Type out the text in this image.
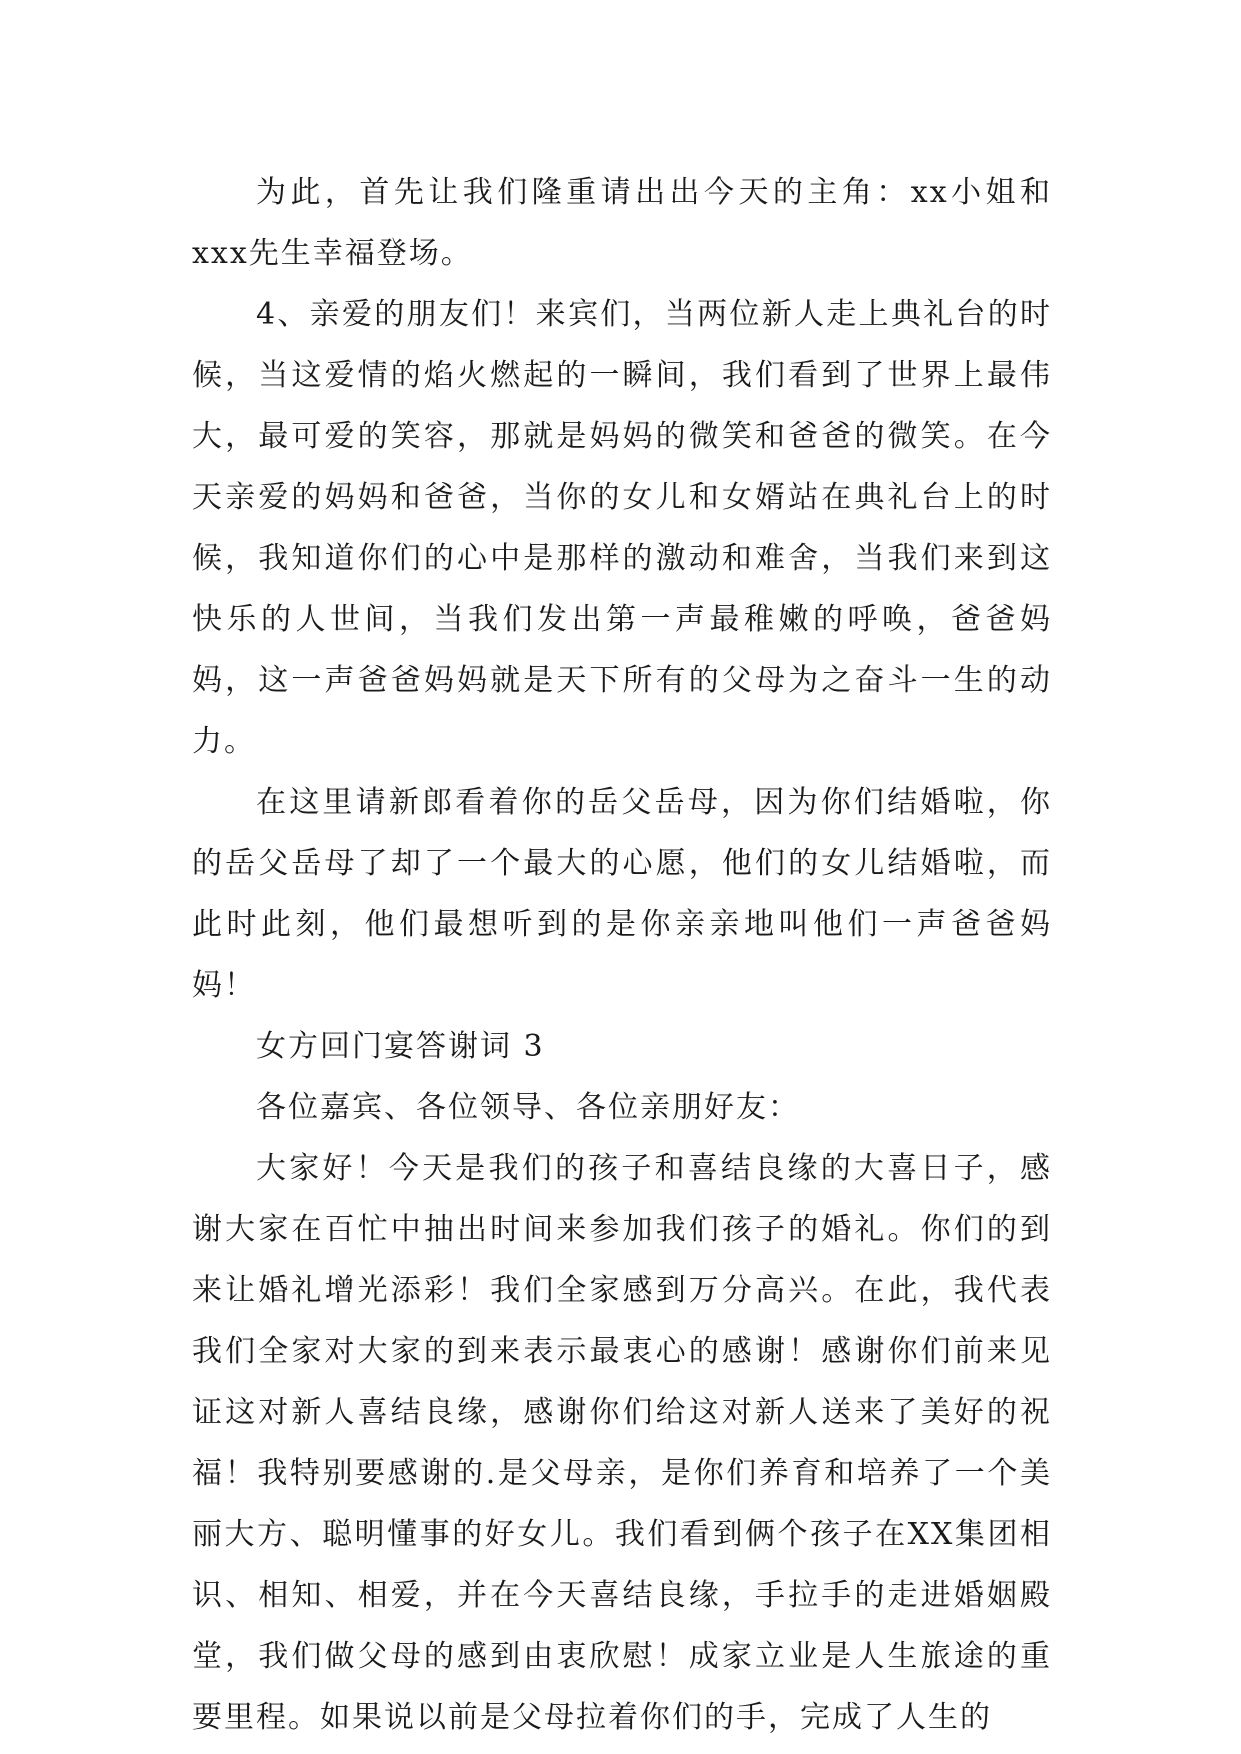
为此，首先让我们隆重请出出今天的主角：xx小姐和xxx先生幸福登场。

4、亲爱的朋友们！来宾们，当两位新人走上典礼台的时候，当这爱情的焰火燃起的一瞬间，我们看到了世界上最伟大，最可爱的笑容，那就是妈妈的微笑和爸爸的微笑。在今天亲爱的妈妈和爸爸，当你的女儿和女婿站在典礼台上的时候，我知道你们的心中是那样的激动和难舍，当我们来到这快乐的人世间，当我们发出第一声最稚嫩的呼唤，爸爸妈妈，这一声爸爸妈妈就是天下所有的父母为之奋斗一生的动力。

在这里请新郎看着你的岳父岳母，因为你们结婚啦，你的岳父岳母了却了一个最大的心愿，他们的女儿结婚啦，而此时此刻，他们最想听到的是你亲亲地叫他们一声爸爸妈妈！

女方回门宴答谢词 3

各位嘉宾、各位领导、各位亲朋好友：

大家好！今天是我们的孩子和喜结良缘的大喜日子，感谢大家在百忙中抽出时间来参加我们孩子的婚礼。你们的到来让婚礼增光添彩！我们全家感到万分高兴。在此，我代表我们全家对大家的到来表示最衷心的感谢！感谢你们前来见证这对新人喜结良缘，感谢你们给这对新人送来了美好的祝福！我特别要感谢的.是父母亲，是你们养育和培养了一个美丽大方、聪明懂事的好女儿。我们看到俩个孩子在XX集团相识、相知、相爱，并在今天喜结良缘，手拉手的走进婚姻殿堂，我们做父母的感到由衷欣慰！成家立业是人生旅途的重要里程。如果说以前是父母拉着你们的手，完成了人生的
